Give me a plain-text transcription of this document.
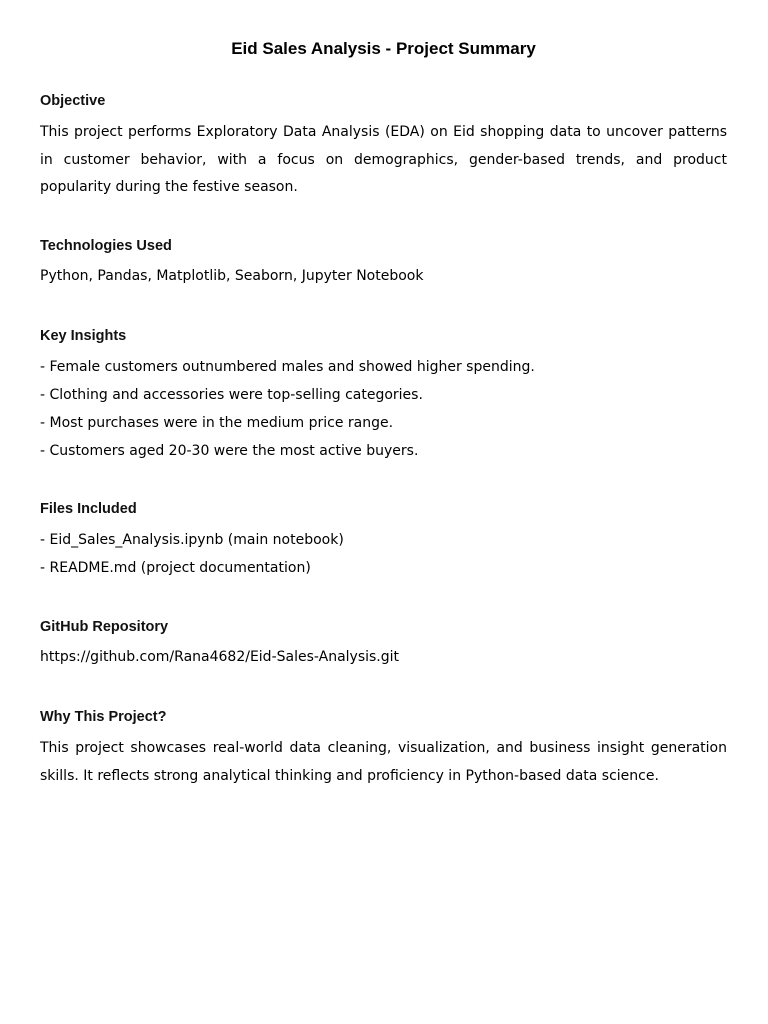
Eid Sales Analysis - Project Summary
Objective

This project performs Exploratory Data Analysis (EDA) on Eid shopping data to uncover patterns in customer behavior, with a focus on demographics, gender-based trends, and product popularity during the festive season.

Technologies Used

Python, Pandas, Matplotlib, Seaborn, Jupyter Notebook

Key Insights
- Female customers outnumbered males and showed higher spending.
- Clothing and accessories were top-selling categories.
- Most purchases were in the medium price range.
- Customers aged 20-30 were the most active buyers.
Files Included
- Eid_Sales_Analysis.ipynb (main notebook)
- README.md (project documentation)
GitHub Repository

https://github.com/Rana4682/Eid-Sales-Analysis.git

Why This Project?

This project showcases real-world data cleaning, visualization, and business insight generation skills. It reflects strong analytical thinking and proficiency in Python-based data science.
